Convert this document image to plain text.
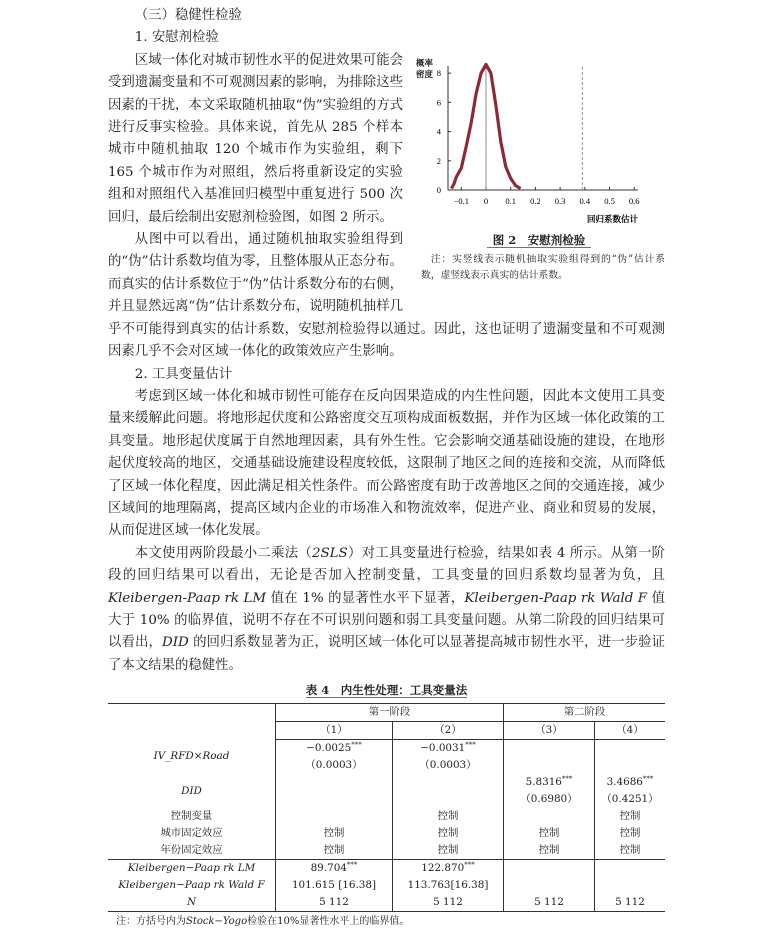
（三）稳健性检验
1. 安慰剂检验
0
2
4
6
8
−0.1 0 0.1 0.2 0.3 0.4 0.5 0.6
回归系数估计
概率密度
图 2　安慰剂检验
注：实竖线表示随机抽取实验组得到的“伪”估计系数，虚竖线表示真实的估计系数。

区域一体化对城市韧性水平的促进效果可能会受到遗漏变量和不可观测因素的影响，为排除这些因素的干扰，本文采取随机抽取“伪”实验组的方式进行反事实检验。具体来说，首先从 285 个样本城市中随机抽取 120 个城市作为实验组，剩下 165 个城市作为对照组，然后将重新设定的实验组和对照组代入基准回归模型中重复进行 500 次回归，最后绘制出安慰剂检验图，如图 2 所示。

从图中可以看出，通过随机抽取实验组得到的“伪”估计系数均值为零，且整体服从正态分布。而真实的估计系数位于“伪”估计系数分布的右侧，并且显然远离“伪”估计系数分布，说明随机抽样几乎不可能得到真实的估计系数，安慰剂检验得以通过。因此，这也证明了遗漏变量和不可观测因素几乎不会对区域一体化的政策效应产生影响。

2. 工具变量估计

考虑到区域一体化和城市韧性可能存在反向因果造成的内生性问题，因此本文使用工具变量来缓解此问题。将地形起伏度和公路密度交互项构成面板数据，并作为区域一体化政策的工具变量。地形起伏度属于自然地理因素，具有外生性。它会影响交通基础设施的建设，在地形起伏度较高的地区，交通基础设施建设程度较低，这限制了地区之间的连接和交流，从而降低了区域一体化程度，因此满足相关性条件。而公路密度有助于改善地区之间的交通连接，减少区域间的地理隔离，提高区域内企业的市场准入和物流效率，促进产业、商业和贸易的发展，从而促进区域一体化发展。

本文使用两阶段最小二乘法（2SLS）对工具变量进行检验，结果如表 4 所示。从第一阶段的回归结果可以看出，无论是否加入控制变量，工具变量的回归系数均显著为负，且 Kleibergen-Paap rk LM 值在 1% 的显著性水平下显著，Kleibergen-Paap rk Wald F 值大于 10% 的临界值，说明不存在不可识别问题和弱工具变量问题。从第二阶段的回归结果可以看出，DID 的回归系数显著为正，说明区域一体化可以显著提高城市韧性水平，进一步验证了本文结果的稳健性。

表 4　内生性处理：工具变量法
	第一阶段		第二阶段	
	（1）	（2）	（3）	（4）
IV_RFD×Road	−0.0025***	−0.0031***		
	（0.0003）	（0.0003）		
DID			5.8316***	3.4686***
			（0.6980）	（0.4251）
控制变量		控制		控制
城市固定效应	控制	控制	控制	控制
年份固定效应	控制	控制	控制	控制
Kleibergen−Paap rk LM	89.704***	122.870***		
Kleibergen−Paap rk Wald F	101.615 [16.38]	113.763[16.38]		
N	5 112	5 112	5 112	5 112
注：方括号内为Stock−Yogo检验在10%显著性水平上的临界值。
